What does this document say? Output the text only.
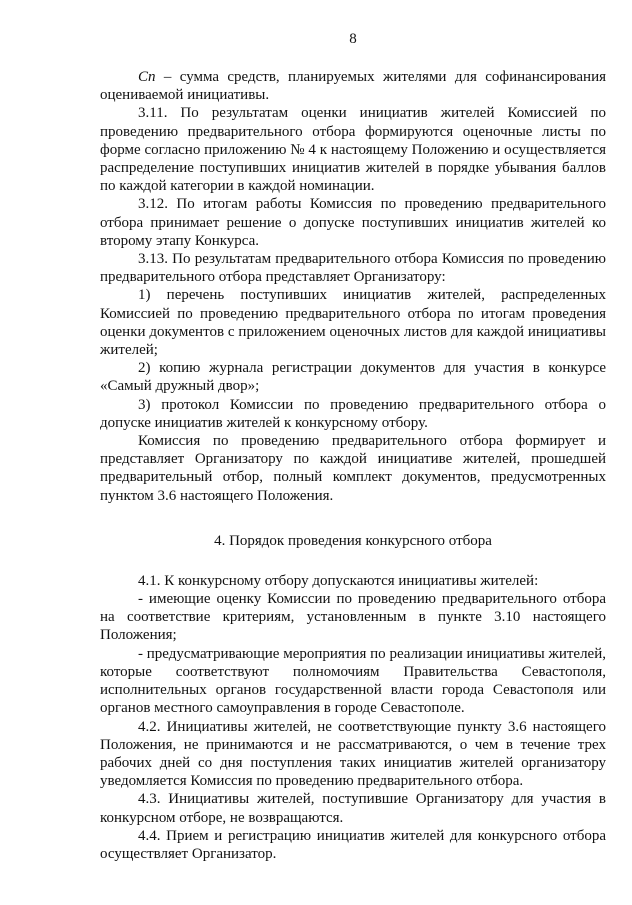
8

Сп – сумма средств, планируемых жителями для софинансирования оцениваемой инициативы.

3.11. По результатам оценки инициатив жителей Комиссией по проведению предварительного отбора формируются оценочные листы по форме согласно приложению № 4 к настоящему Положению и осуществляется распределение поступивших инициатив жителей в порядке убывания баллов по каждой категории в каждой номинации.

3.12. По итогам работы Комиссия по проведению предварительного отбора принимает решение о допуске поступивших инициатив жителей ко второму этапу Конкурса.

3.13. По результатам предварительного отбора Комиссия по проведению предварительного отбора представляет Организатору:

1) перечень поступивших инициатив жителей, распределенных Комиссией по проведению предварительного отбора по итогам проведения оценки документов с приложением оценочных листов для каждой инициативы жителей;

2) копию журнала регистрации документов для участия в конкурсе «Самый дружный двор»;

3) протокол Комиссии по проведению предварительного отбора о допуске инициатив жителей к конкурсному отбору.

Комиссия по проведению предварительного отбора формирует и представляет Организатору по каждой инициативе жителей, прошедшей предварительный отбор, полный комплект документов, предусмотренных пунктом 3.6 настоящего Положения.

4. Порядок проведения конкурсного отбора

4.1. К конкурсному отбору допускаются инициативы жителей:

- имеющие оценку Комиссии по проведению предварительного отбора на соответствие критериям, установленным в пункте 3.10 настоящего Положения;

- предусматривающие мероприятия по реализации инициативы жителей, которые соответствуют полномочиям Правительства Севастополя, исполнительных органов государственной власти города Севастополя или органов местного самоуправления в городе Севастополе.

4.2. Инициативы жителей, не соответствующие пункту 3.6 настоящего Положения, не принимаются и не рассматриваются, о чем в течение трех рабочих дней со дня поступления таких инициатив жителей организатору уведомляется Комиссия по проведению предварительного отбора.

4.3. Инициативы жителей, поступившие Организатору для участия в конкурсном отборе, не возвращаются.

4.4. Прием и регистрацию инициатив жителей для конкурсного отбора осуществляет Организатор.
